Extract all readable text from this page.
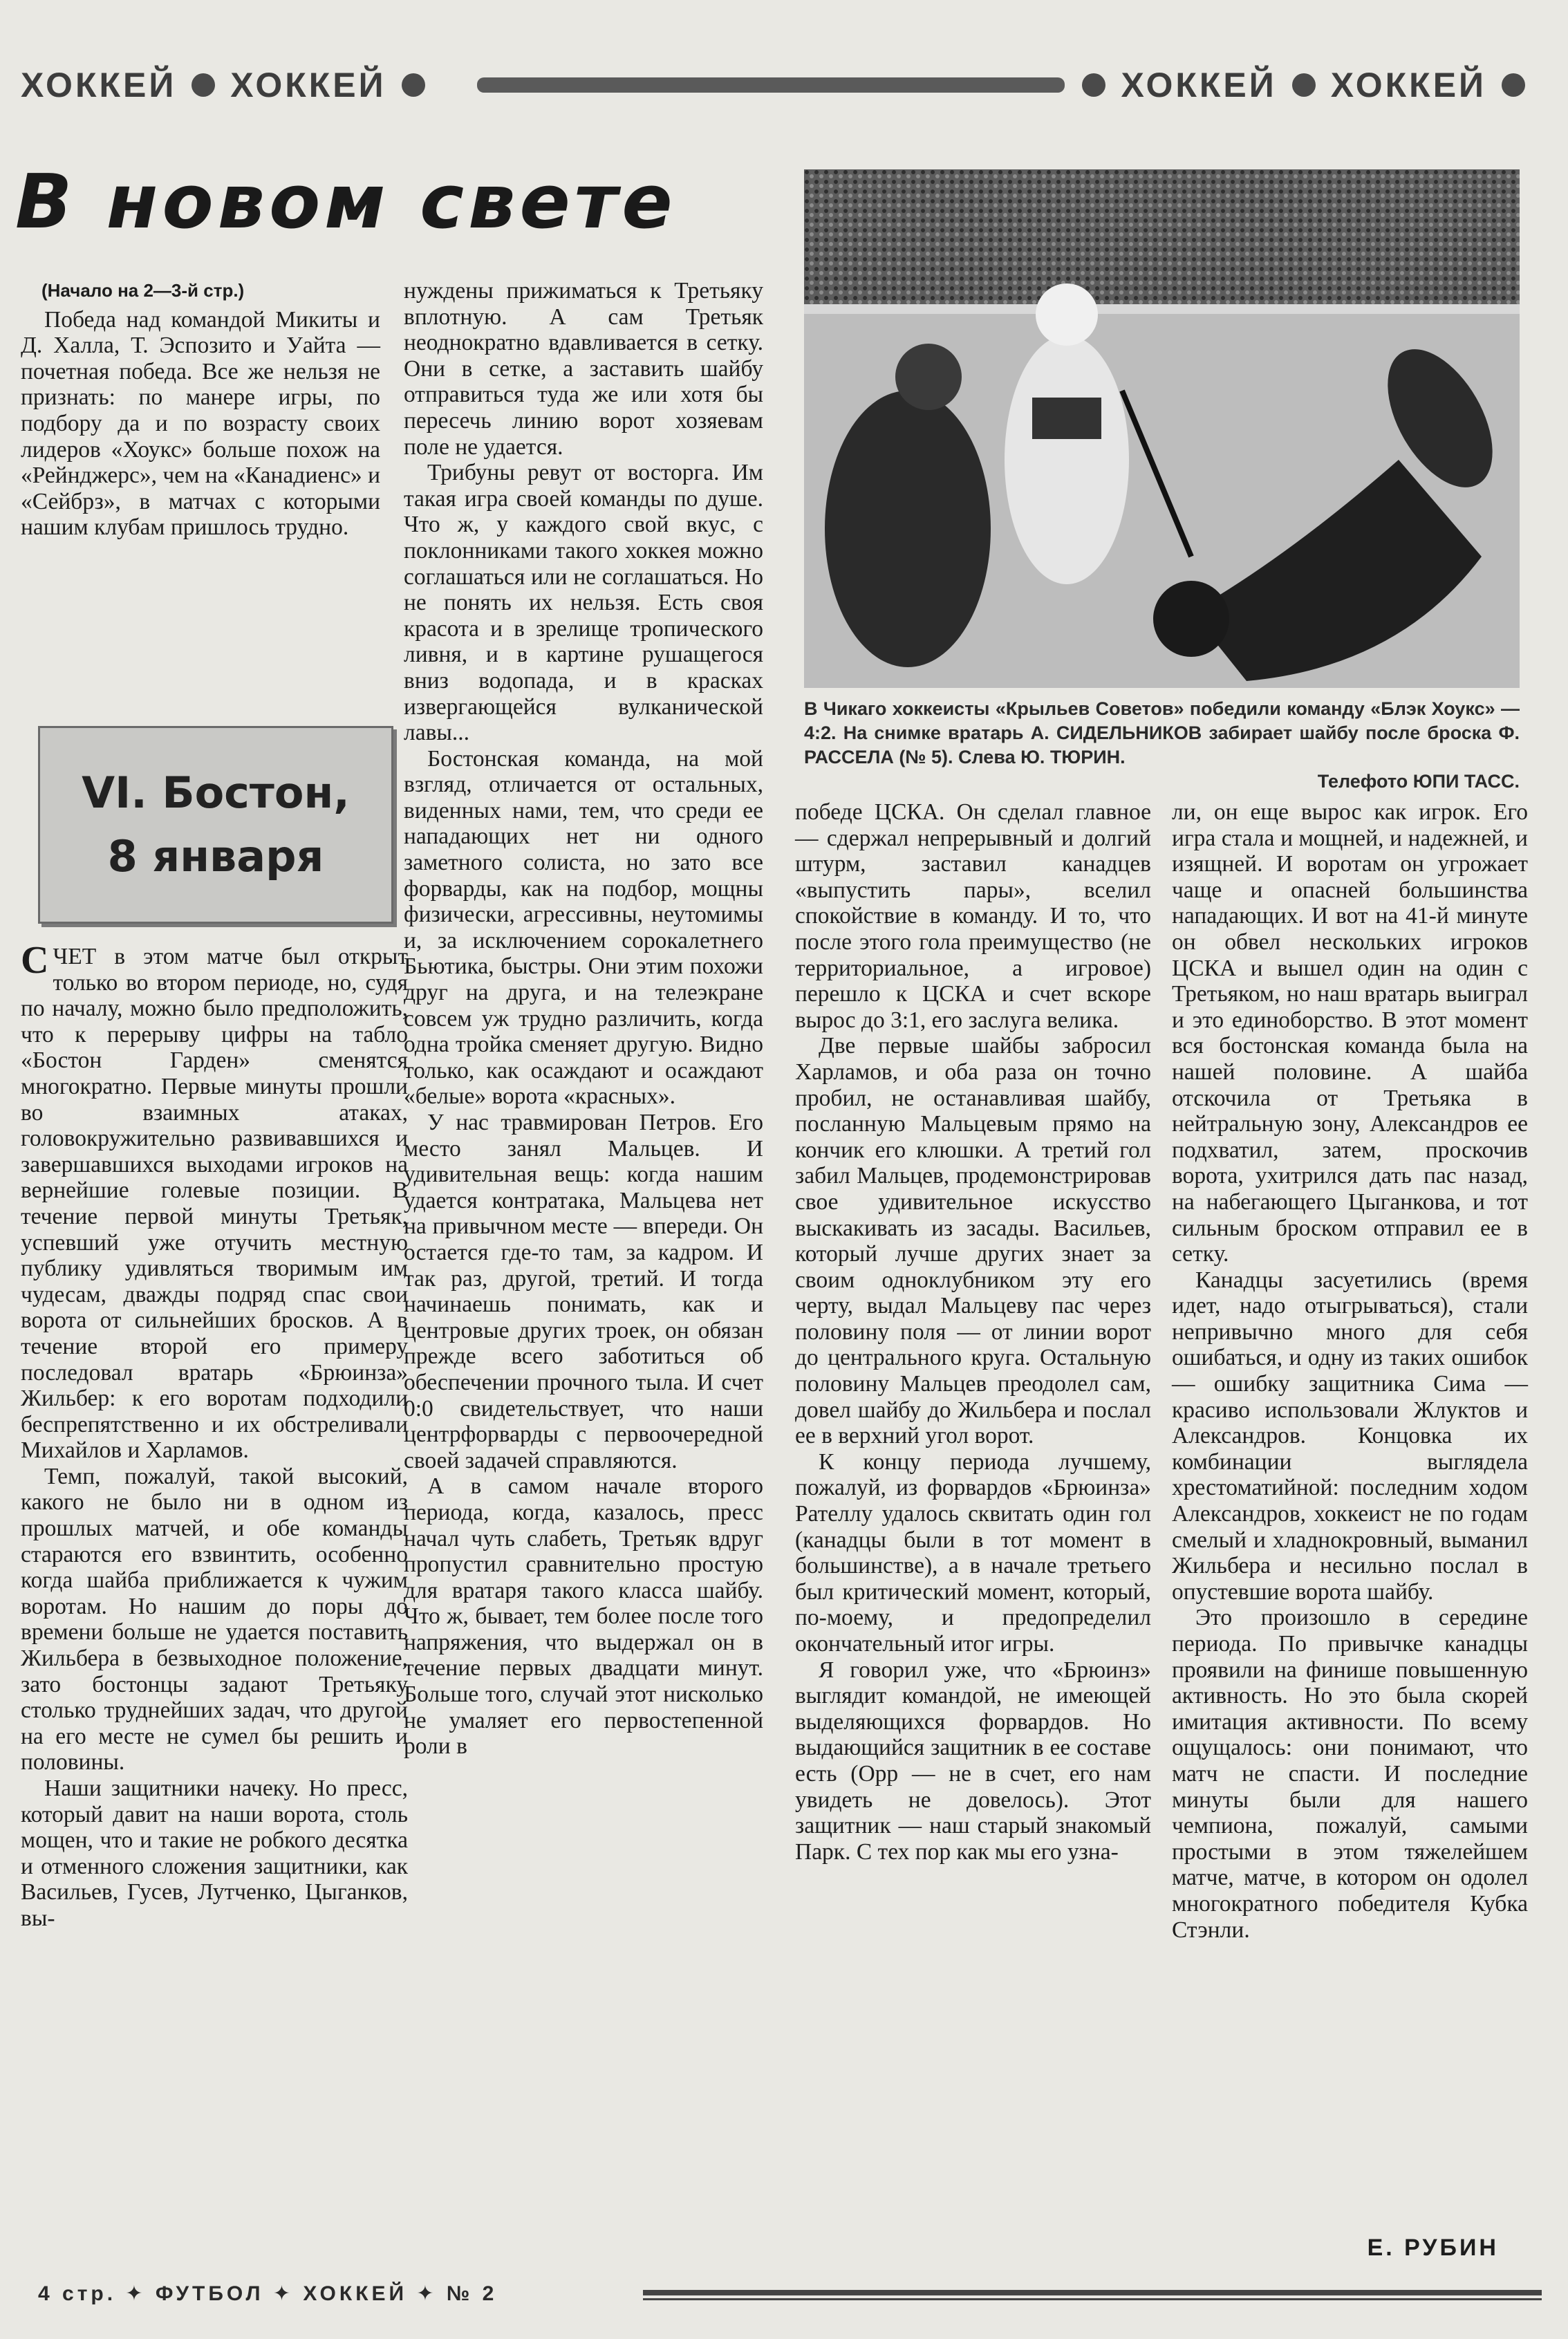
ХОККЕЙ ХОККЕЙ	ХОККЕЙ ХОККЕЙ
В новом свете

В Чикаго хоккеисты «Крыльев Советов» победили команду «Блэк Хоукс» — 4:2. На снимке вратарь А. СИДЕЛЬНИКОВ забирает шайбу после броска Ф. РАССЕЛА (№ 5). Слева Ю. ТЮРИН.
Телефото ЮПИ ТАСС.

(Начало на 2—3-й стр.)

Победа над командой Микиты и Д. Халла, Т. Эспозито и Уайта — почетная победа. Все же нельзя не признать: по манере игры, по подбору да и по возрасту своих лидеров «Хоукс» больше похож на «Рейнджерс», чем на «Канадиенс» и «Сейбрз», в матчах с которыми нашим клубам пришлось трудно.

VI. Бостон,
8 января

СЧЕТ в этом матче был открыт только во втором периоде, но, судя по началу, можно было предположить, что к перерыву цифры на табло «Бостон Гарден» сменятся многократно. Первые минуты прошли во взаимных атаках, головокружительно развивавшихся и завершавшихся выходами игроков на вернейшие голевые позиции. В течение первой минуты Третьяк, успевший уже отучить местную публику удивляться творимым им чудесам, дважды подряд спас свои ворота от сильнейших бросков. А в течение второй его примеру последовал вратарь «Брюинза» Жильбер: к его воротам подходили беспрепятственно и их обстреливали Михайлов и Харламов.

Темп, пожалуй, такой высокий, какого не было ни в одном из прошлых матчей, и обе команды стараются его взвинтить, особенно когда шайба приближается к чужим воротам. Но нашим до поры до времени больше не удается поставить Жильбера в безвыходное положение, зато бостонцы задают Третьяку столько труднейших задач, что другой на его месте не сумел бы решить и половины.

Наши защитники начеку. Но пресс, который давит на наши ворота, столь мощен, что и такие не робкого десятка и отменного сложения защитники, как Васильев, Гусев, Лутченко, Цыганков, вы-

нуждены прижиматься к Третьяку вплотную. А сам Третьяк неоднократно вдавливается в сетку. Они в сетке, а заставить шайбу отправиться туда же или хотя бы пересечь линию ворот хозяевам поле не удается.

Трибуны ревут от восторга. Им такая игра своей команды по душе. Что ж, у каждого свой вкус, с поклонниками такого хоккея можно соглашаться или не соглашаться. Но не понять их нельзя. Есть своя красота и в зрелище тропического ливня, и в картине рушащегося вниз водопада, и в красках извергающейся вулканической лавы...

Бостонская команда, на мой взгляд, отличается от остальных, виденных нами, тем, что среди ее нападающих нет ни одного заметного солиста, но зато все форварды, как на подбор, мощны физически, агрессивны, неутомимы и, за исключением сорокалетнего Бьютика, быстры. Они этим похожи друг на друга, и на телеэкране совсем уж трудно различить, когда одна тройка сменяет другую. Видно только, как осаждают и осаждают «белые» ворота «красных».

У нас травмирован Петров. Его место занял Мальцев. И удивительная вещь: когда нашим удается контратака, Мальцева нет на привычном месте — впереди. Он остается где-то там, за кадром. И так раз, другой, третий. И тогда начинаешь понимать, как и центровые других троек, он обязан прежде всего заботиться об обеспечении прочного тыла. И счет 0:0 свидетельствует, что наши центрфорварды с первоочередной своей задачей справляются.

А в самом начале второго периода, когда, казалось, пресс начал чуть слабеть, Третьяк вдруг пропустил сравнительно простую для вратаря такого класса шайбу. Что ж, бывает, тем более после того напряжения, что выдержал он в течение первых двадцати минут. Больше того, случай этот нисколько не умаляет его первостепенной роли в

победе ЦСКА. Он сделал главное — сдержал непрерывный и долгий штурм, заставил канадцев «выпустить пары», вселил спокойствие в команду. И то, что после этого гола преимущество (не территориальное, а игровое) перешло к ЦСКА и счет вскоре вырос до 3:1, его заслуга велика.

Две первые шайбы забросил Харламов, и оба раза он точно пробил, не останавливая шайбу, посланную Мальцевым прямо на кончик его клюшки. А третий гол забил Мальцев, продемонстрировав свое удивительное искусство выскакивать из засады. Васильев, который лучше других знает за своим одноклубником эту его черту, выдал Мальцеву пас через половину поля — от линии ворот до центрального круга. Остальную половину Мальцев преодолел сам, довел шайбу до Жильбера и послал ее в верхний угол ворот.

К концу периода лучшему, пожалуй, из форвардов «Брюинза» Рателлу удалось сквитать один гол (канадцы были в тот момент в большинстве), а в начале третьего был критический момент, который, по-моему, и предопределил окончательный итог игры.

Я говорил уже, что «Брюинз» выглядит командой, не имеющей выделяющихся форвардов. Но выдающийся защитник в ее составе есть (Орр — не в счет, его нам увидеть не довелось). Этот защитник — наш старый знакомый Парк. С тех пор как мы его узна-

ли, он еще вырос как игрок. Его игра стала и мощней, и надежней, и изящней. И воротам он угрожает чаще и опасней большинства нападающих. И вот на 41-й минуте он обвел нескольких игроков ЦСКА и вышел один на один с Третьяком, но наш вратарь выиграл и это единоборство. В этот момент вся бостонская команда была на нашей половине. А шайба отскочила от Третьяка в нейтральную зону, Александров ее подхватил, затем, проскочив ворота, ухитрился дать пас назад, на набегающего Цыганкова, и тот сильным броском отправил ее в сетку.

Канадцы засуетились (время идет, надо отыгрываться), стали непривычно много для себя ошибаться, и одну из таких ошибок — ошибку защитника Сима — красиво использовали Жлуктов и Александров. Концовка их комбинации выглядела хрестоматийной: последним ходом Александров, хоккеист не по годам смелый и хладнокровный, выманил Жильбера и несильно послал в опустевшие ворота шайбу.

Это произошло в середине периода. По привычке канадцы проявили на финише повышенную активность. Но это была скорей имитация активности. По всему ощущалось: они понимают, что матч не спасти. И последние минуты были для нашего чемпиона, пожалуй, самыми простыми в этом тяжелейшем матче, матче, в котором он одолел многократного победителя Кубка Стэнли.

Е. РУБИН
4 стр. ✦ ФУТБОЛ ✦ ХОККЕЙ ✦ № 2
